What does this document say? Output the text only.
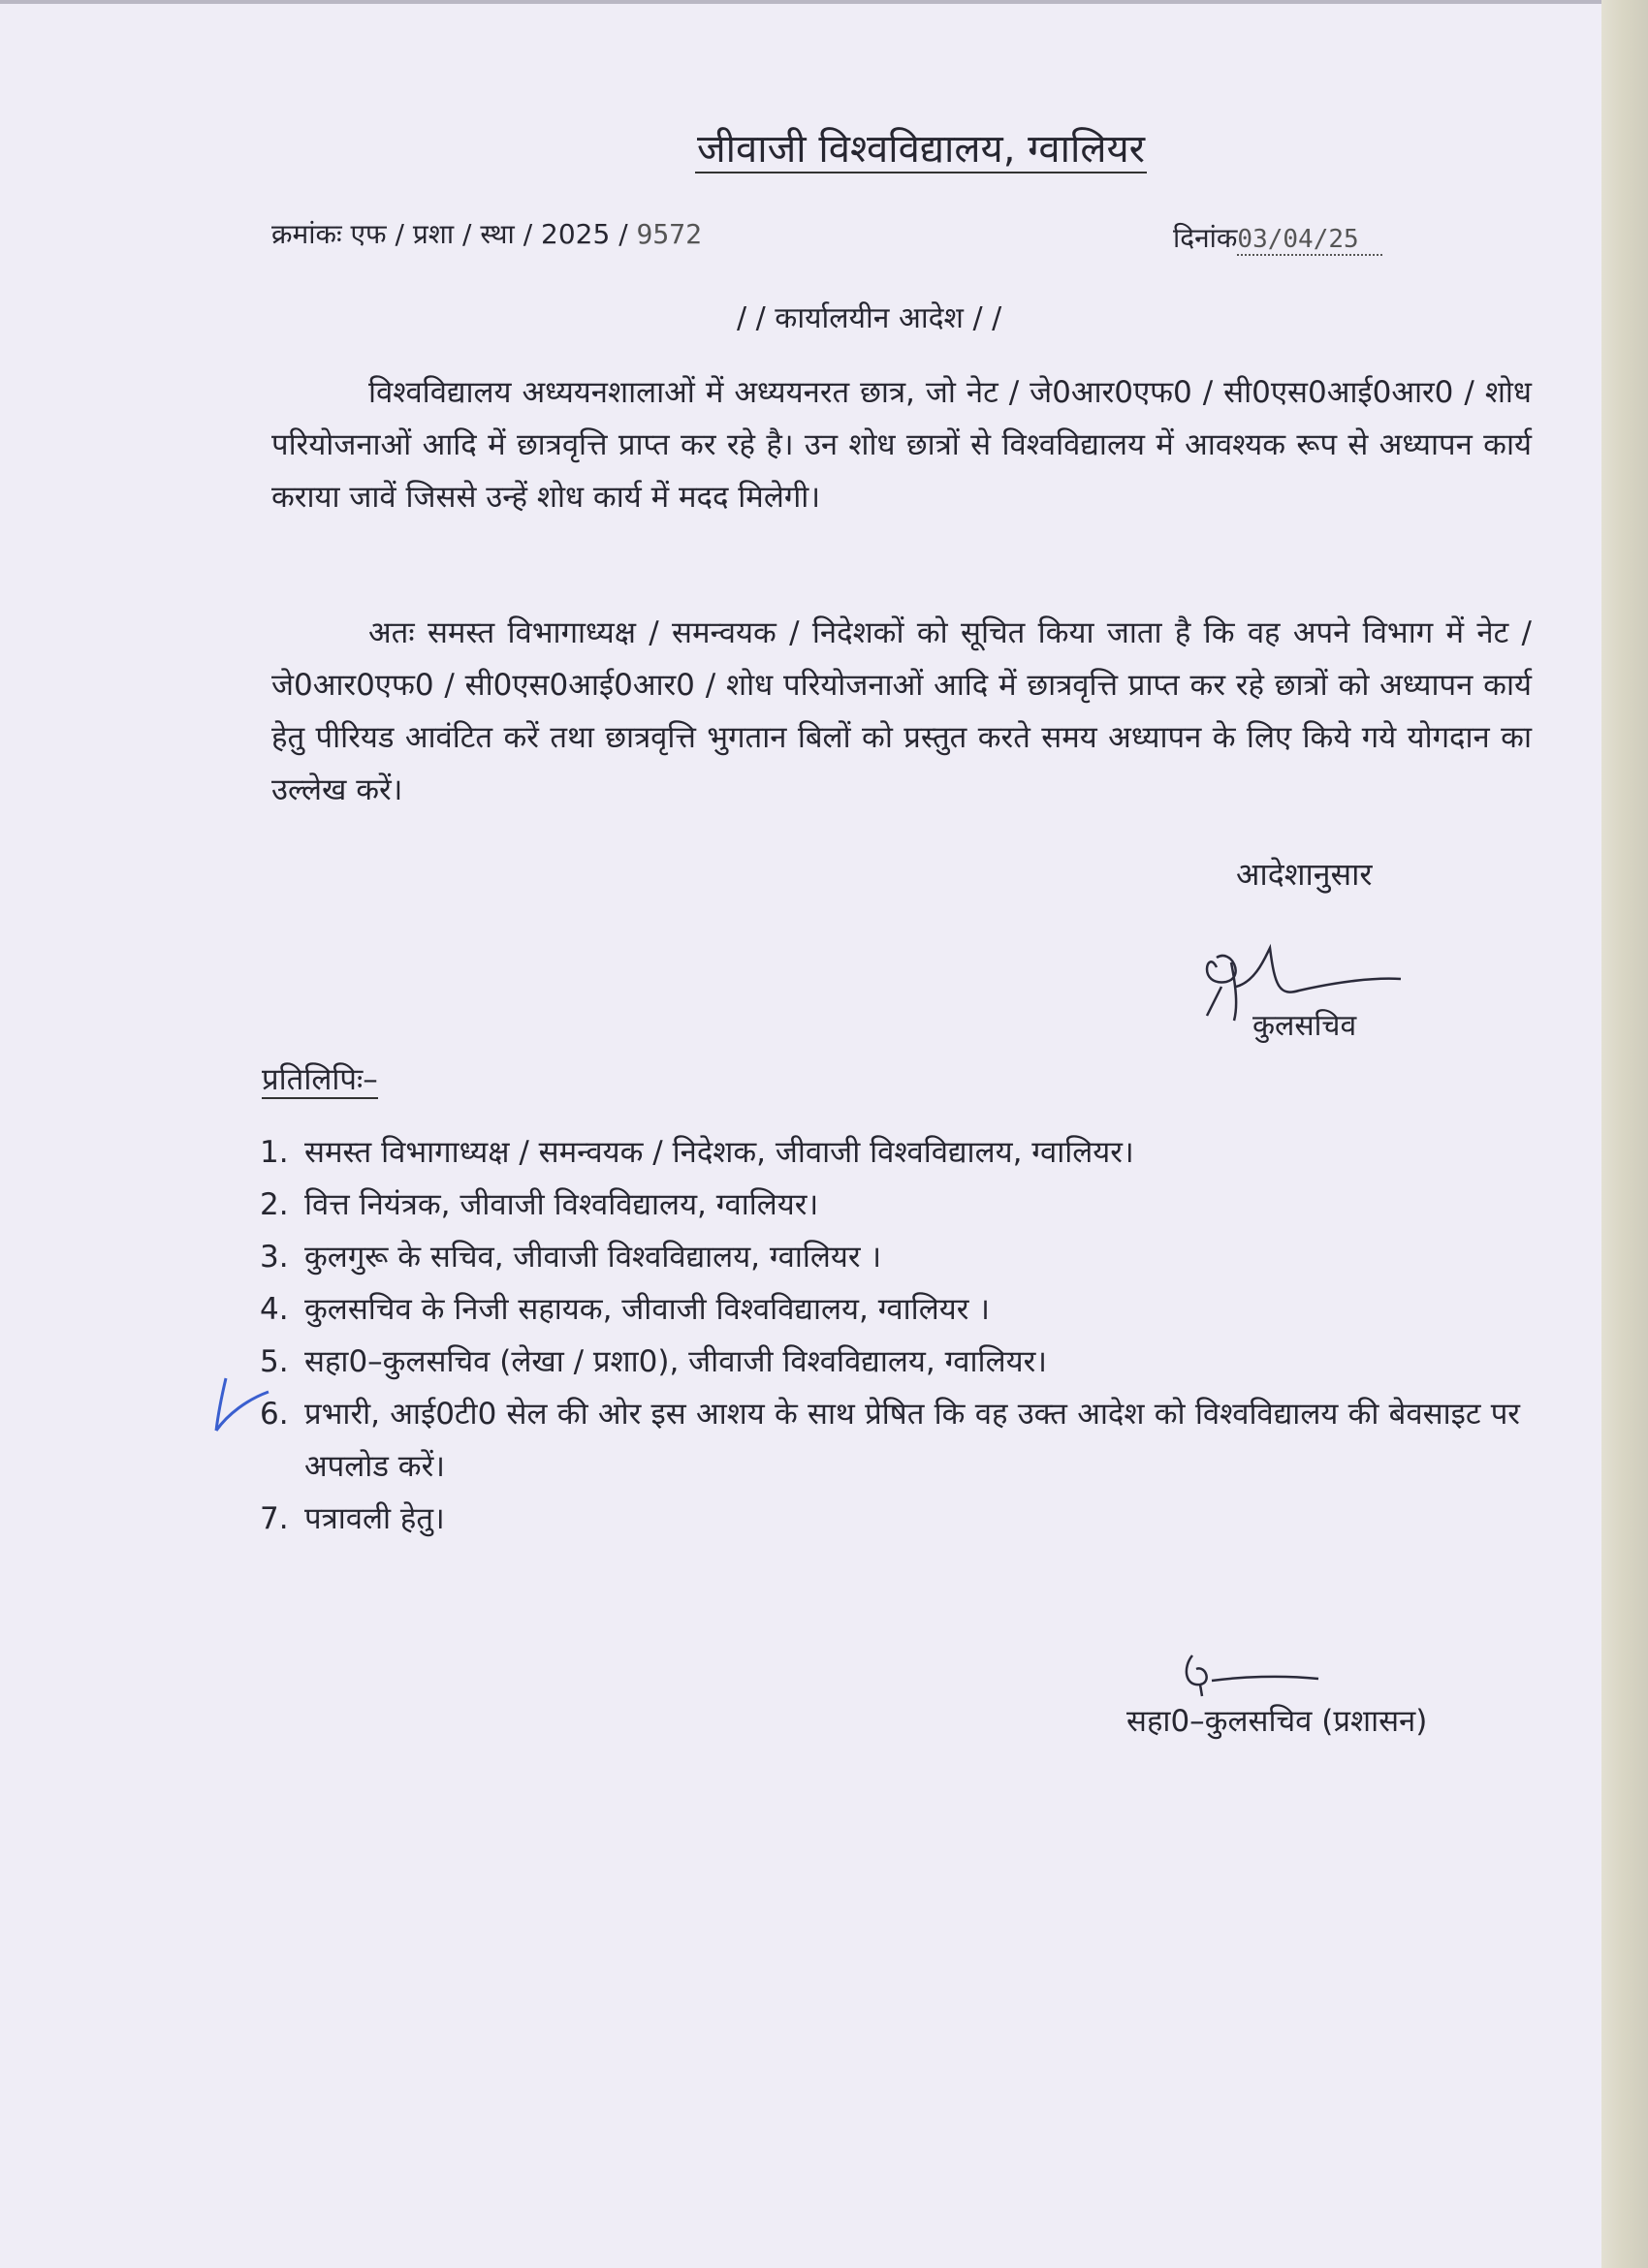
जीवाजी विश्वविद्यालय, ग्वालियर
क्रमांकः एफ / प्रशा / स्था / 2025 / 9572	दिनांक03/04/25
/ / कार्यालयीन आदेश / /
विश्वविद्यालय अध्ययनशालाओं में अध्ययनरत छात्र, जो नेट / जे0आर0एफ0 / सी0एस0आई0आर0 / शोध परियोजनाओं आदि में छात्रवृत्ति प्राप्त कर रहे है। उन शोध छात्रों से विश्वविद्यालय में आवश्यक रूप से अध्यापन कार्य कराया जावें जिससे उन्हें शोध कार्य में मदद मिलेगी।
अतः समस्त विभागाध्यक्ष / समन्वयक / निदेशकों को सूचित किया जाता है कि वह अपने विभाग में नेट / जे0आर0एफ0 / सी0एस0आई0आर0 / शोध परियोजनाओं आदि में छात्रवृत्ति प्राप्त कर रहे छात्रों को अध्यापन कार्य हेतु पीरियड आवंटित करें तथा छात्रवृत्ति भुगतान बिलों को प्रस्तुत करते समय अध्यापन के लिए किये गये योगदान का उल्लेख करें।
आदेशानुसार
कुलसचिव
प्रतिलिपिः–
1. समस्त विभागाध्यक्ष / समन्वयक / निदेशक, जीवाजी विश्वविद्यालय, ग्वालियर।
2. वित्त नियंत्रक, जीवाजी विश्वविद्यालय, ग्वालियर।
3. कुलगुरू के सचिव, जीवाजी विश्वविद्यालय, ग्वालियर ।
4. कुलसचिव के निजी सहायक, जीवाजी विश्वविद्यालय, ग्वालियर ।
5. सहा0–कुलसचिव (लेखा / प्रशा0), जीवाजी विश्वविद्यालय, ग्वालियर।
6. प्रभारी, आई0टी0 सेल की ओर इस आशय के साथ प्रेषित कि वह उक्त आदेश को विश्वविद्यालय की बेवसाइट पर अपलोड करें।
7. पत्रावली हेतु।
सहा0–कुलसचिव (प्रशासन)
